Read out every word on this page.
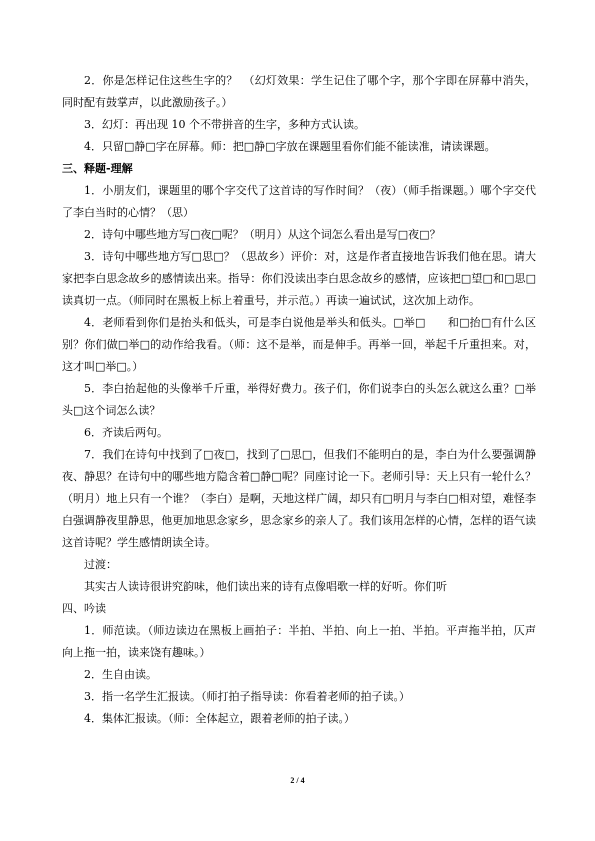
2．你是怎样记住这些生字的？　（幻灯效果：学生记住了哪个字，那个字即在屏幕中消失，同时配有鼓掌声，以此激励孩子。）

3．幻灯：再出现 10 个不带拼音的生字，多种方式认读。

4．只留□静□字在屏幕。师：把□静□字放在课题里看你们能不能读准，请读课题。

三、释题-理解

1．小朋友们，课题里的哪个字交代了这首诗的写作时间？（夜）（师手指课题。）哪个字交代了李白当时的心情？（思）

2．诗句中哪些地方写□夜□呢？（明月）从这个词怎么看出是写□夜□？

3．诗句中哪些地方写□思□？（思故乡）评价：对，这是作者直接地告诉我们他在思。请大家把李白思念故乡的感情读出来。指导：你们没读出李白思念故乡的感情，应该把□望□和□思□读真切一点。（师同时在黑板上标上着重号，并示范。）再读一遍试试，这次加上动作。

4．老师看到你们是抬头和低头，可是李白说他是举头和低头。□举□　　和□抬□有什么区别？你们做□举□的动作给我看。（师：这不是举，而是伸手。再举一回，举起千斤重担来。对，这才叫□举□。）

5．李白抬起他的头像举千斤重，举得好费力。孩子们，你们说李白的头怎么就这么重？□举头□这个词怎么读？

6．齐读后两句。

7．我们在诗句中找到了□夜□，找到了□思□，但我们不能明白的是，李白为什么要强调静夜、静思？在诗句中的哪些地方隐含着□静□呢？同座讨论一下。老师引导：天上只有一轮什么？（明月）地上只有一个谁？（李白）是啊，天地这样广阔，却只有□明月与李白□相对望，难怪李白强调静夜里静思，他更加地思念家乡，思念家乡的亲人了。我们该用怎样的心情，怎样的语气读这首诗呢？学生感情朗读全诗。

过渡：

其实古人读诗很讲究韵味，他们读出来的诗有点像唱歌一样的好听。你们听

四、吟读

1．师范读。（师边读边在黑板上画拍子：半拍、半拍、向上一拍、半拍。平声拖半拍，仄声向上拖一拍，读来饶有趣味。）

2．生自由读。

3．指一名学生汇报读。（师打拍子指导读：你看着老师的拍子读。）

4．集体汇报读。（师：全体起立，跟着老师的拍子读。）

2 / 4
